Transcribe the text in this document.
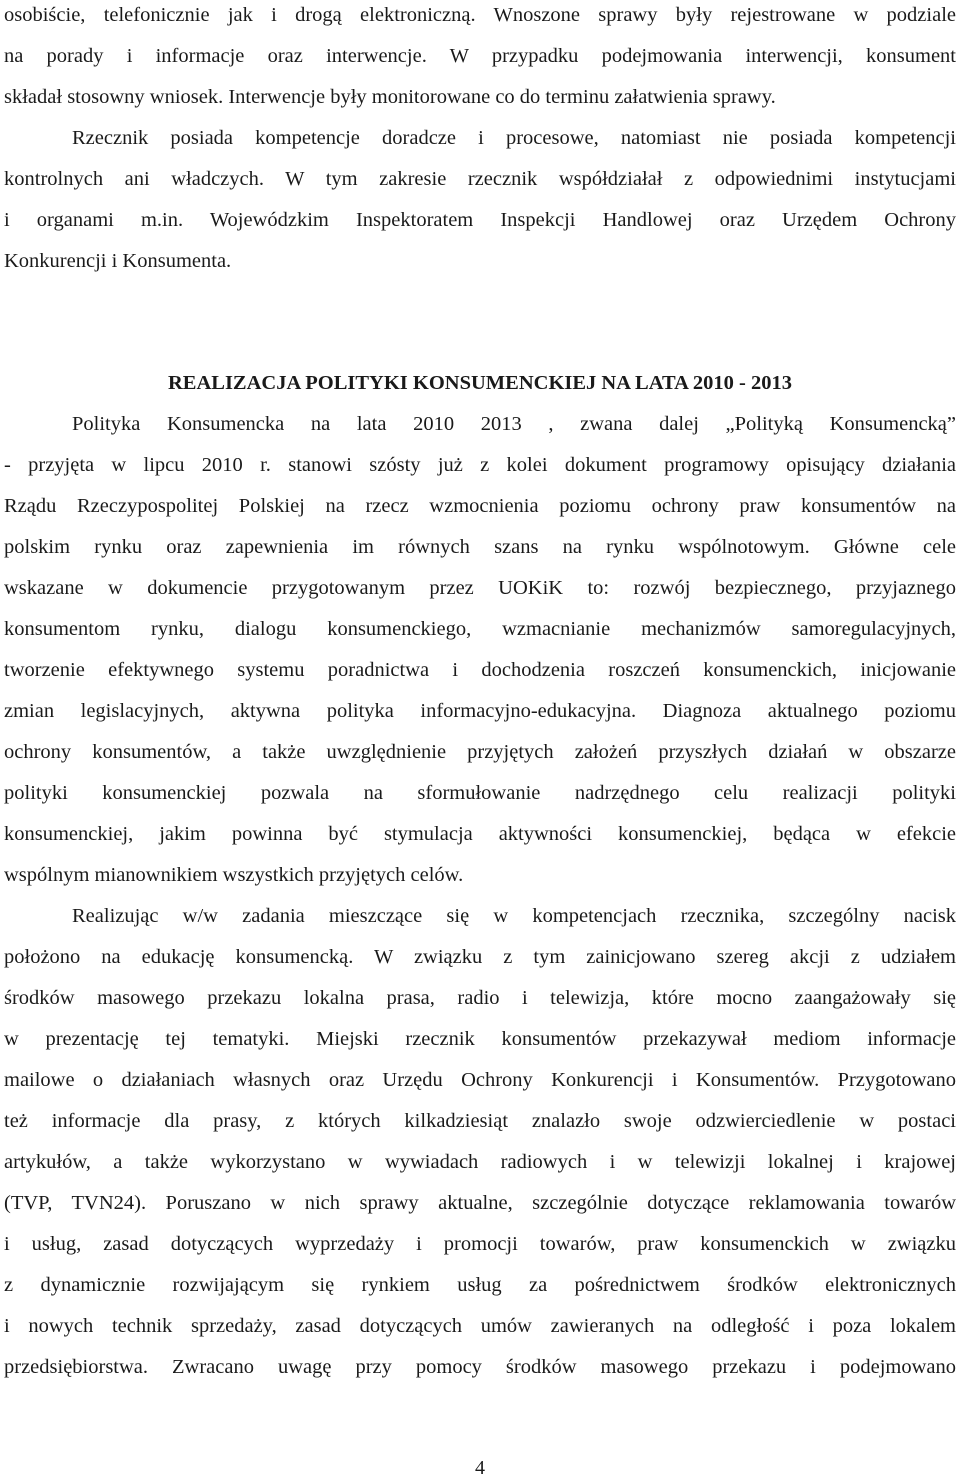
osobiście, telefonicznie jak i drogą elektroniczną. Wnoszone sprawy były rejestrowane w podziale
na porady i informacje oraz interwencje. W przypadku podejmowania interwencji, konsument
składał stosowny wniosek. Interwencje były monitorowane co do terminu załatwienia sprawy.
Rzecznik posiada kompetencje doradcze i procesowe, natomiast nie posiada kompetencji
kontrolnych ani władczych. W tym zakresie rzecznik współdziałał z odpowiednimi instytucjami
i organami m.in. Wojewódzkim Inspektoratem Inspekcji Handlowej oraz Urzędem Ochrony
Konkurencji i Konsumenta.
REALIZACJA POLITYKI KONSUMENCKIEJ NA LATA 2010 - 2013
Polityka Konsumencka na lata 2010 2013 , zwana dalej „Polityką Konsumencką”
- przyjęta w lipcu 2010 r. stanowi szósty już z kolei dokument programowy opisujący działania
Rządu Rzeczypospolitej Polskiej na rzecz wzmocnienia poziomu ochrony praw konsumentów na
polskim rynku oraz zapewnienia im równych szans na rynku wspólnotowym. Główne cele
wskazane w dokumencie przygotowanym przez UOKiK to: rozwój bezpiecznego, przyjaznego
konsumentom rynku, dialogu konsumenckiego, wzmacnianie mechanizmów samoregulacyjnych,
tworzenie efektywnego systemu poradnictwa i dochodzenia roszczeń konsumenckich, inicjowanie
zmian legislacyjnych, aktywna polityka informacyjno-edukacyjna. Diagnoza aktualnego poziomu
ochrony konsumentów, a także uwzględnienie przyjętych założeń przyszłych działań w obszarze
polityki konsumenckiej pozwala na sformułowanie nadrzędnego celu realizacji polityki
konsumenckiej, jakim powinna być stymulacja aktywności konsumenckiej, będąca w efekcie
wspólnym mianownikiem wszystkich przyjętych celów.
Realizując w/w zadania mieszczące się w kompetencjach rzecznika, szczególny nacisk
położono na edukację konsumencką. W związku z tym zainicjowano szereg akcji z udziałem
środków masowego przekazu lokalna prasa, radio i telewizja, które mocno zaangażowały się
w prezentację tej tematyki. Miejski rzecznik konsumentów przekazywał mediom informacje
mailowe o działaniach własnych oraz Urzędu Ochrony Konkurencji i Konsumentów. Przygotowano
też informacje dla prasy, z których kilkadziesiąt znalazło swoje odzwierciedlenie w postaci
artykułów, a także wykorzystano w wywiadach radiowych i w telewizji lokalnej i krajowej
(TVP, TVN24). Poruszano w nich sprawy aktualne, szczególnie dotyczące reklamowania towarów
i usług, zasad dotyczących wyprzedaży i promocji towarów, praw konsumenckich w związku
z dynamicznie rozwijającym się rynkiem usług za pośrednictwem środków elektronicznych
i nowych technik sprzedaży, zasad dotyczących umów zawieranych na odległość i poza lokalem
przedsiębiorstwa. Zwracano uwagę przy pomocy środków masowego przekazu i podejmowano
4
